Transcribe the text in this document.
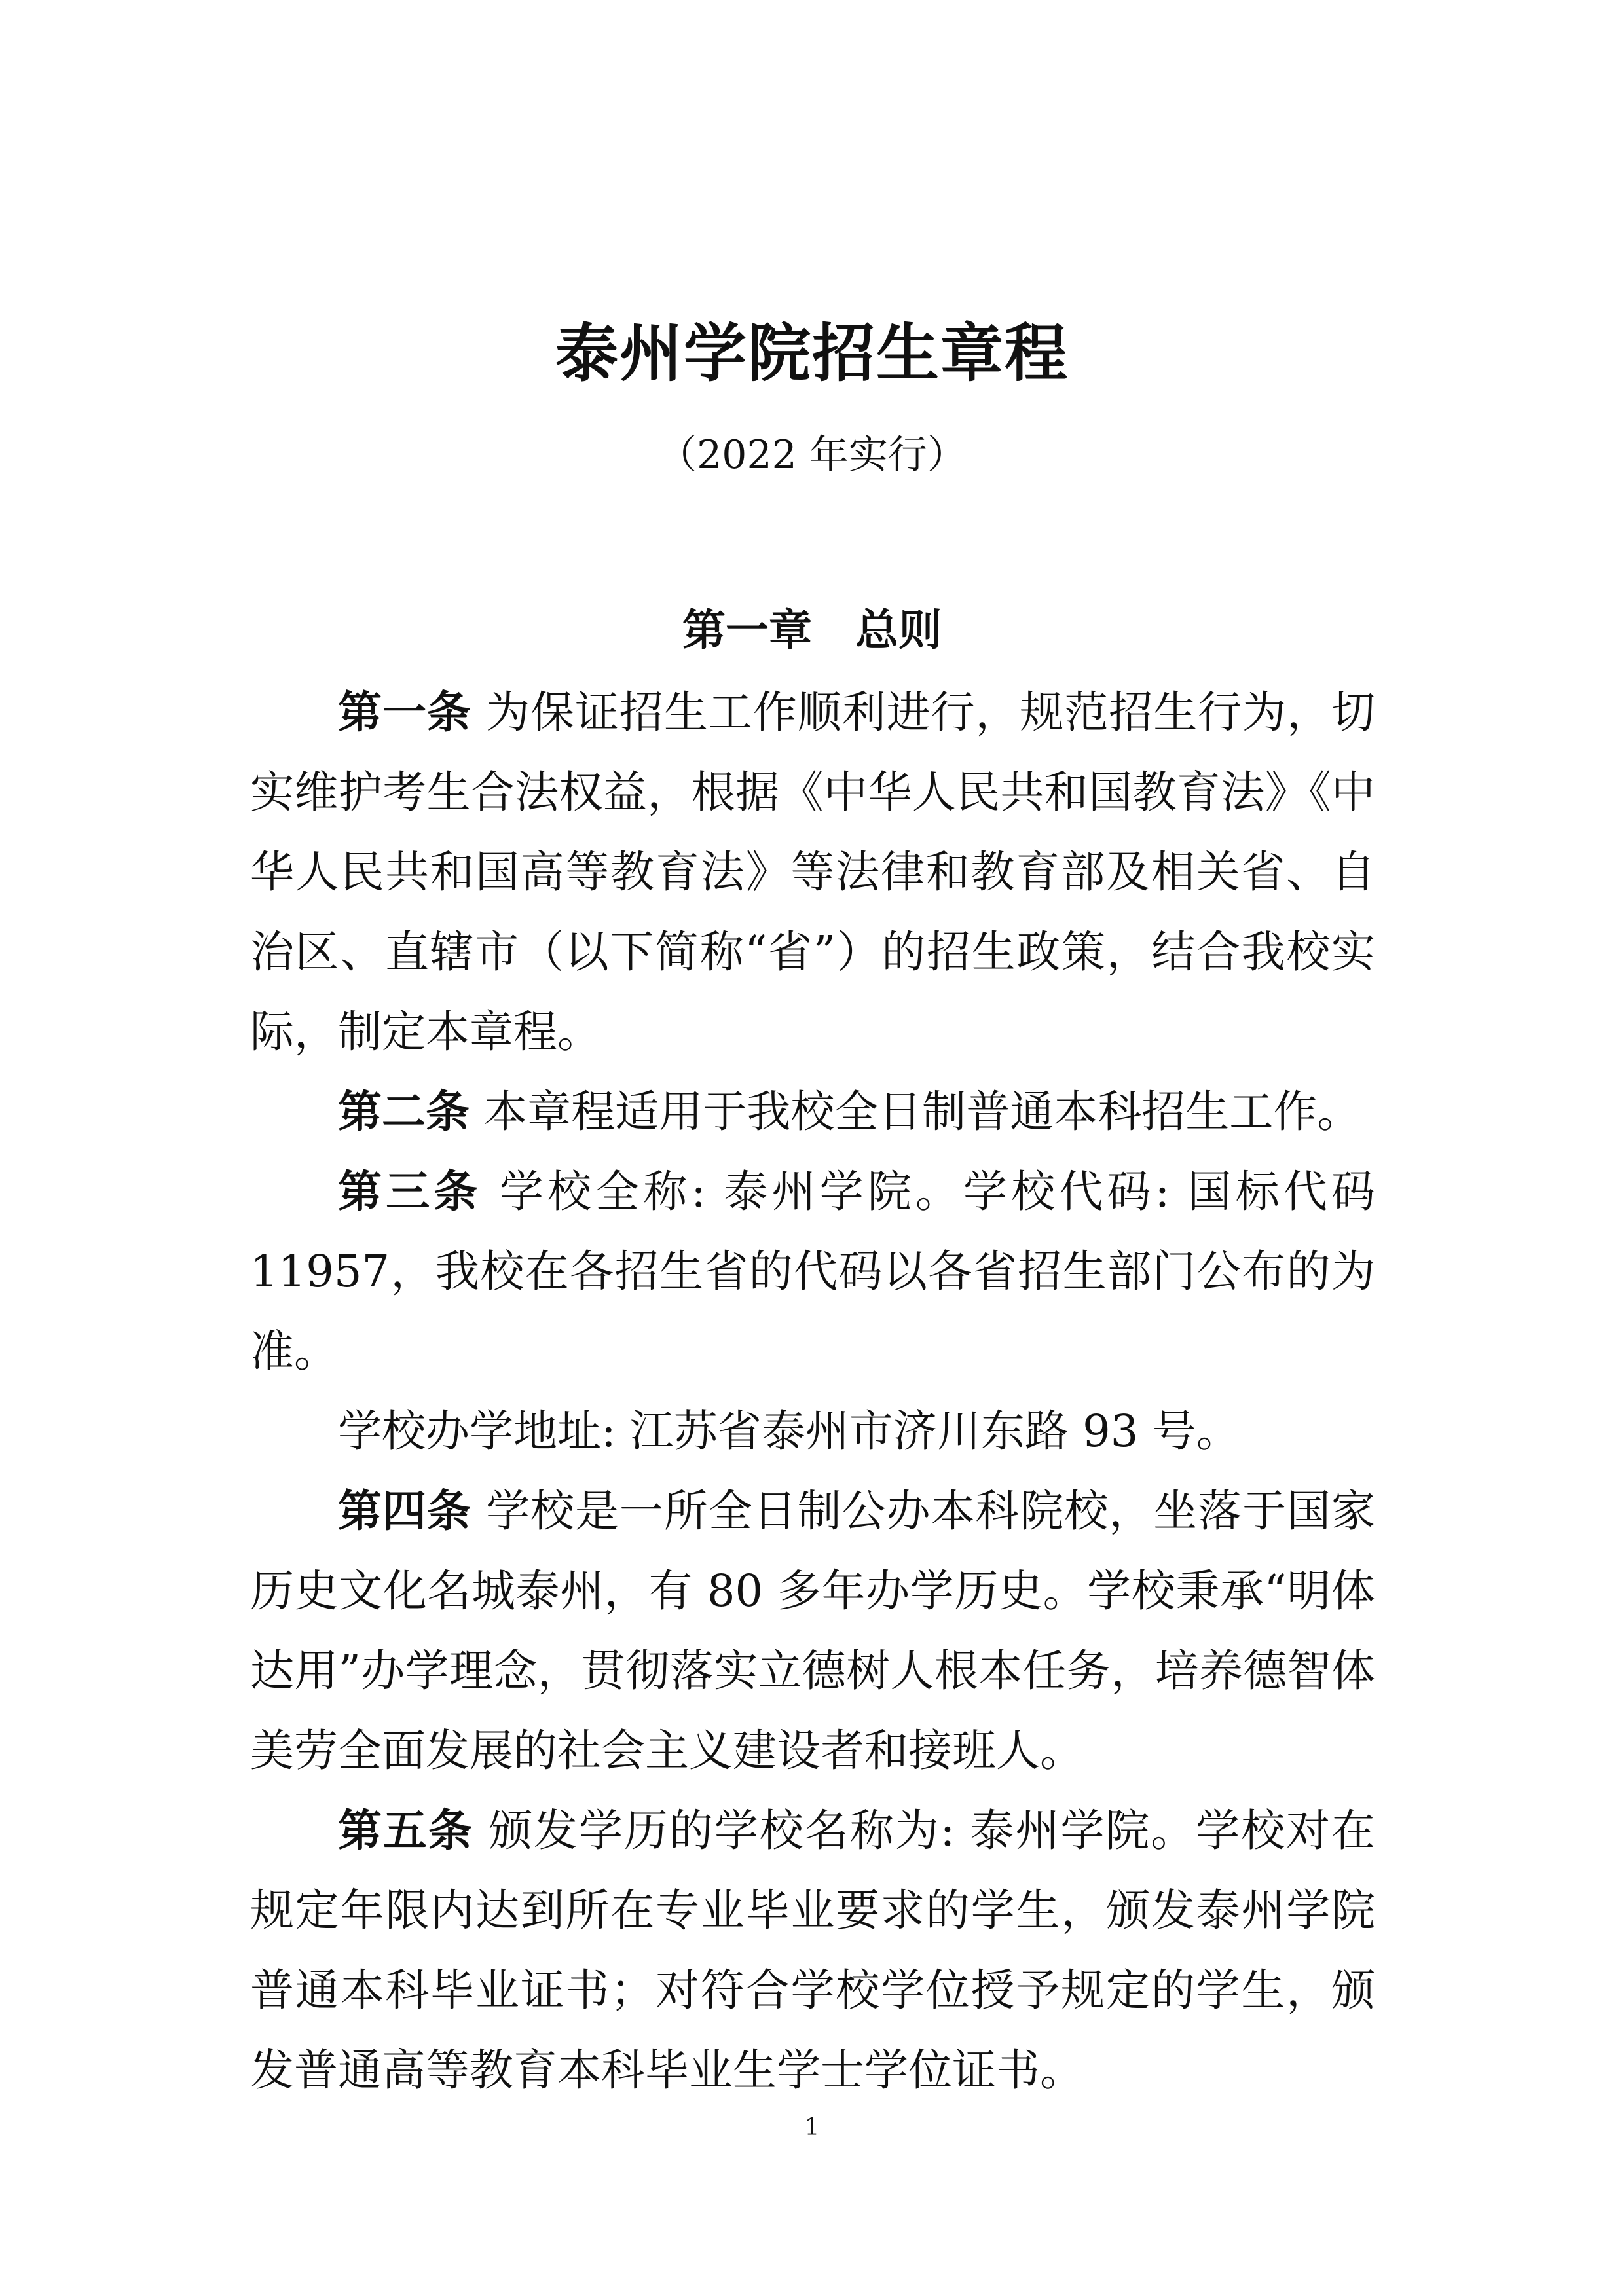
泰州学院招生章程
（2022 年实行）
第一章　总则

第一条 为保证招生工作顺利进行，规范招生行为，切实维护考生合法权益，根据《中华人民共和国教育法》《中华人民共和国高等教育法》等法律和教育部及相关省、自治区、直辖市（以下简称“省”）的招生政策，结合我校实际，制定本章程。

第二条 本章程适用于我校全日制普通本科招生工作。

第三条 学校全称: 泰州学院。学校代码: 国标代码 11957，我校在各招生省的代码以各省招生部门公布的为准。

学校办学地址: 江苏省泰州市济川东路 93 号。

第四条 学校是一所全日制公办本科院校，坐落于国家历史文化名城泰州，有 80 多年办学历史。学校秉承“明体达用”办学理念，贯彻落实立德树人根本任务，培养德智体美劳全面发展的社会主义建设者和接班人。

第五条 颁发学历的学校名称为: 泰州学院。学校对在规定年限内达到所在专业毕业要求的学生，颁发泰州学院普通本科毕业证书；对符合学校学位授予规定的学生，颁发普通高等教育本科毕业生学士学位证书。

1
